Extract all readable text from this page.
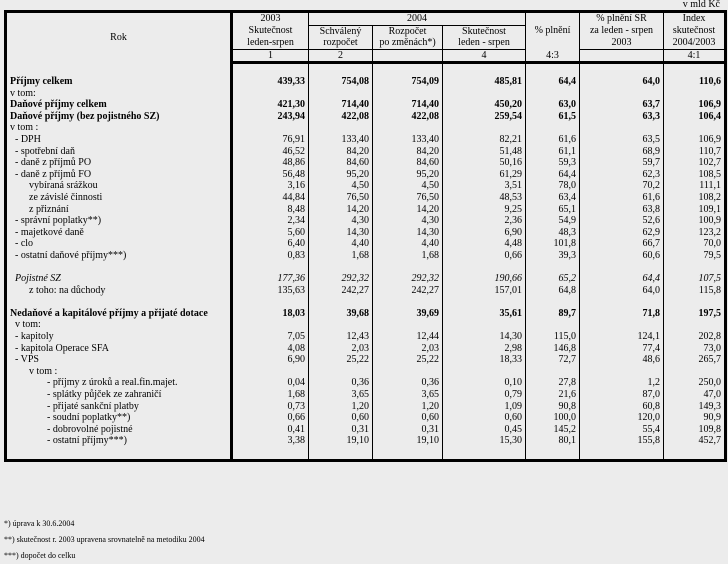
v mld Kč
Rok	2003	2004			% plnění	% plnění SR	Index
	Skutečnost	Schválený	Rozpočet	Skutečnost		za leden - srpen	skutečnost
	leden-srpen	rozpočet	po změnách*)	leden - srpen		2003	2004/2003
	1	2		4	4:3		4:1

Příjmy celkem	439,33	754,08	754,09	485,81	64,4	64,0	110,6
v tom:							
Daňové příjmy celkem	421,30	714,40	714,40	450,20	63,0	63,7	106,9
Daňové příjmy (bez pojistného SZ)	243,94	422,08	422,08	259,54	61,5	63,3	106,4
v tom :							
- DPH	76,91	133,40	133,40	82,21	61,6	63,5	106,9
- spotřební daň	46,52	84,20	84,20	51,48	61,1	68,9	110,7
- daně z příjmů PO	48,86	84,60	84,60	50,16	59,3	59,7	102,7
- daně z příjmů FO	56,48	95,20	95,20	61,29	64,4	62,3	108,5
vybíraná srážkou	3,16	4,50	4,50	3,51	78,0	70,2	111,1
ze závislé činnosti	44,84	76,50	76,50	48,53	63,4	61,6	108,2
z přiznání	8,48	14,20	14,20	9,25	65,1	63,8	109,1
- správní poplatky**)	2,34	4,30	4,30	2,36	54,9	52,6	100,9
- majetkové daně	5,60	14,30	14,30	6,90	48,3	62,9	123,2
- clo	6,40	4,40	4,40	4,48	101,8	66,7	70,0
- ostatní daňové příjmy***)	0,83	1,68	1,68	0,66	39,3	60,6	79,5

Pojistné SZ	177,36	292,32	292,32	190,66	65,2	64,4	107,5
z toho: na důchody	135,63	242,27	242,27	157,01	64,8	64,0	115,8

Nedaňové a kapitálové příjmy a přijaté dotace	18,03	39,68	39,69	35,61	89,7	71,8	197,5
v tom:							
- kapitoly	7,05	12,43	12,44	14,30	115,0	124,1	202,8
- kapitola Operace SFA	4,08	2,03	2,03	2,98	146,8	77,4	73,0
- VPS	6,90	25,22	25,22	18,33	72,7	48,6	265,7
v tom :							
- příjmy z úroků a real.fin.majet.	0,04	0,36	0,36	0,10	27,8	1,2	250,0
- splátky půjček ze zahraničí	1,68	3,65	3,65	0,79	21,6	87,0	47,0
- přijaté sankční platby	0,73	1,20	1,20	1,09	90,8	60,8	149,3
- soudní poplatky**)	0,66	0,60	0,60	0,60	100,0	120,0	90,9
- dobrovolné pojistné	0,41	0,31	0,31	0,45	145,2	55,4	109,8
- ostatní příjmy***)	3,38	19,10	19,10	15,30	80,1	155,8	452,7

*) úprava k 30.6.2004
**) skutečnost r. 2003 upravena srovnatelně na metodiku 2004
***) dopočet do celku
